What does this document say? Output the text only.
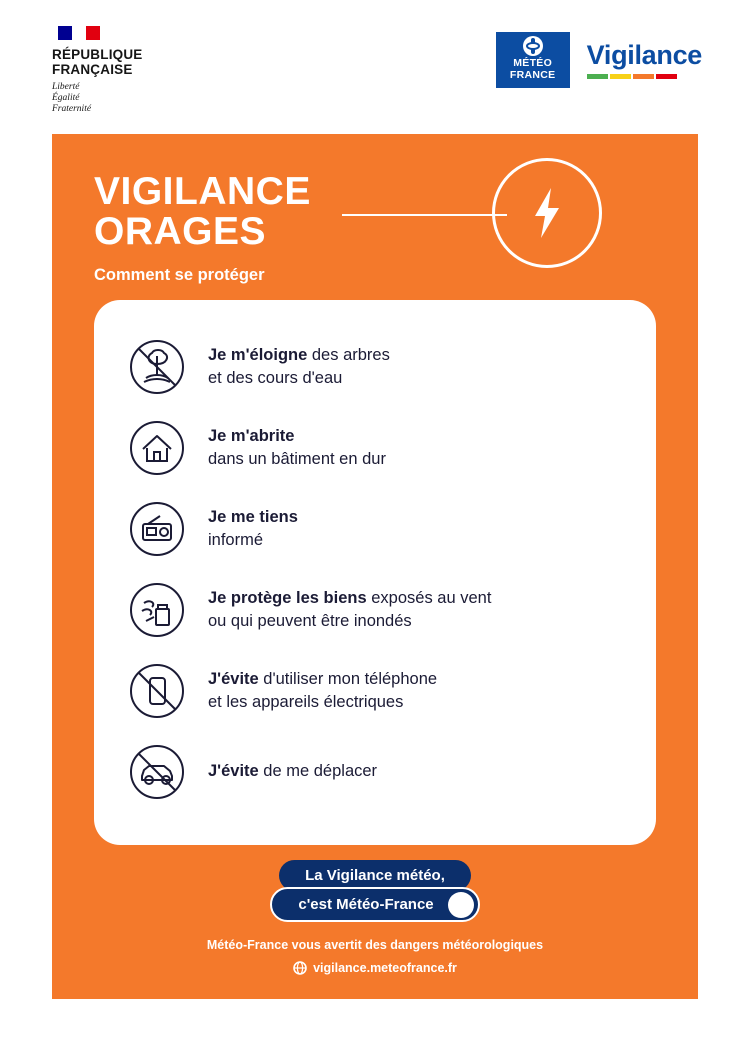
RÉPUBLIQUE
FRANÇAISE
Liberté
Égalité
Fraternité
MÉTÉO
FRANCE
Vigilance
VIGILANCE
ORAGES
Comment se protéger
Je m'éloigne des arbres
et des cours d'eau
Je m'abrite
dans un bâtiment en dur
Je me tiens
informé
Je protège les biens exposés au vent
ou qui peuvent être inondés
J'évite d'utiliser mon téléphone
et les appareils électriques
J'évite de me déplacer
La Vigilance météo,
c'est Météo-France
Météo-France vous avertit des dangers météorologiques
vigilance.meteofrance.fr
